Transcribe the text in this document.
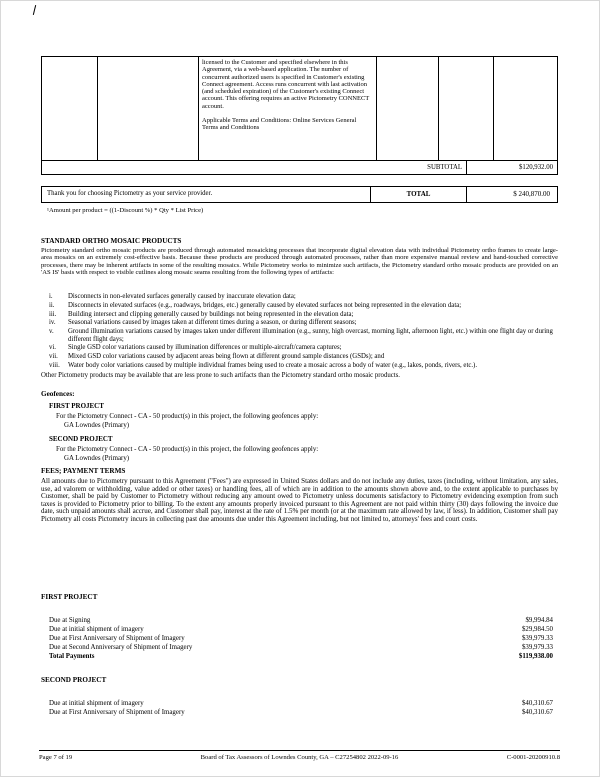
licensed to the Customer and specified elsewhere in this Agreement, via a web-based application. The number of concurrent authorized users is specified in Customer's existing Connect agreement. Access runs concurrent with last activation (and scheduled expiration) of the Customer's existing Connect account. This offering requires an active Pictometry CONNECT account.
Applicable Terms and Conditions: Online Services General Terms and Conditions
SUBTOTAL	$120,932.00
Thank you for choosing Pictometry as your service provider.	TOTAL	$ 240,870.00
¹Amount per product = ((1-Discount %) * Qty * List Price)
STANDARD ORTHO MOSAIC PRODUCTS
Pictometry standard ortho mosaic products are produced through automated mosaicking processes that incorporate digital elevation data with individual Pictometry ortho frames to create large-area mosaics on an extremely cost-effective basis. Because these products are produced through automated processes, rather than more expensive manual review and hand-touched corrective processes, there may be inherent artifacts in some of the resulting mosaics. While Pictometry works to minimize such artifacts, the Pictometry standard ortho mosaic products are provided on an 'AS IS' basis with respect to visible cutlines along mosaic seams resulting from the following types of artifacts:
i.	Disconnects in non-elevated surfaces generally caused by inaccurate elevation data;
ii.	Disconnects in elevated surfaces (e.g., roadways, bridges, etc.) generally caused by elevated surfaces not being represented in the elevation data;
iii.	Building intersect and clipping generally caused by buildings not being represented in the elevation data;
iv.	Seasonal variations caused by images taken at different times during a season, or during different seasons;
v.	Ground illumination variations caused by images taken under different illumination (e.g., sunny, high overcast, morning light, afternoon light, etc.) within one flight day or during different flight days;
vi.	Single GSD color variations caused by illumination differences or multiple-aircraft/camera captures;
vii.	Mixed GSD color variations caused by adjacent areas being flown at different ground sample distances (GSDs); and
viii.	Water body color variations caused by multiple individual frames being used to create a mosaic across a body of water (e.g., lakes, ponds, rivers, etc.).
Other Pictometry products may be available that are less prone to such artifacts than the Pictometry standard ortho mosaic products.
Geofences:
FIRST PROJECT
For the Pictometry Connect - CA - 50 product(s) in this project, the following geofences apply:
GA Lowndes (Primary)
SECOND PROJECT
For the Pictometry Connect - CA - 50 product(s) in this project, the following geofences apply:
GA Lowndes (Primary)
FEES; PAYMENT TERMS
All amounts due to Pictometry pursuant to this Agreement ("Fees") are expressed in United States dollars and do not include any duties, taxes (including, without limitation, any sales, use, ad valorem or withholding, value added or other taxes) or handling fees, all of which are in addition to the amounts shown above and, to the extent applicable to purchases by Customer, shall be paid by Customer to Pictometry without reducing any amount owed to Pictometry unless documents satisfactory to Pictometry evidencing exemption from such taxes is provided to Pictometry prior to billing. To the extent any amounts properly invoiced pursuant to this Agreement are not paid within thirty (30) days following the invoice due date, such unpaid amounts shall accrue, and Customer shall pay, interest at the rate of 1.5% per month (or at the maximum rate allowed by law, if less). In addition, Customer shall pay Pictometry all costs Pictometry incurs in collecting past due amounts due under this Agreement including, but not limited to, attorneys' fees and court costs.
FIRST PROJECT
Due at Signing	$9,994.84
Due at initial shipment of imagery	$29,984.50
Due at First Anniversary of Shipment of Imagery	$39,979.33
Due at Second Anniversary of Shipment of Imagery	$39,979.33
Total Payments	$119,938.00
SECOND PROJECT
Due at initial shipment of imagery	$40,310.67
Due at First Anniversary of Shipment of Imagery	$40,310.67
Page 7 of 19	Board of Tax Assessors of Lowndes County, GA – C27254802 2022-09-16	C-0001-20200910.8
